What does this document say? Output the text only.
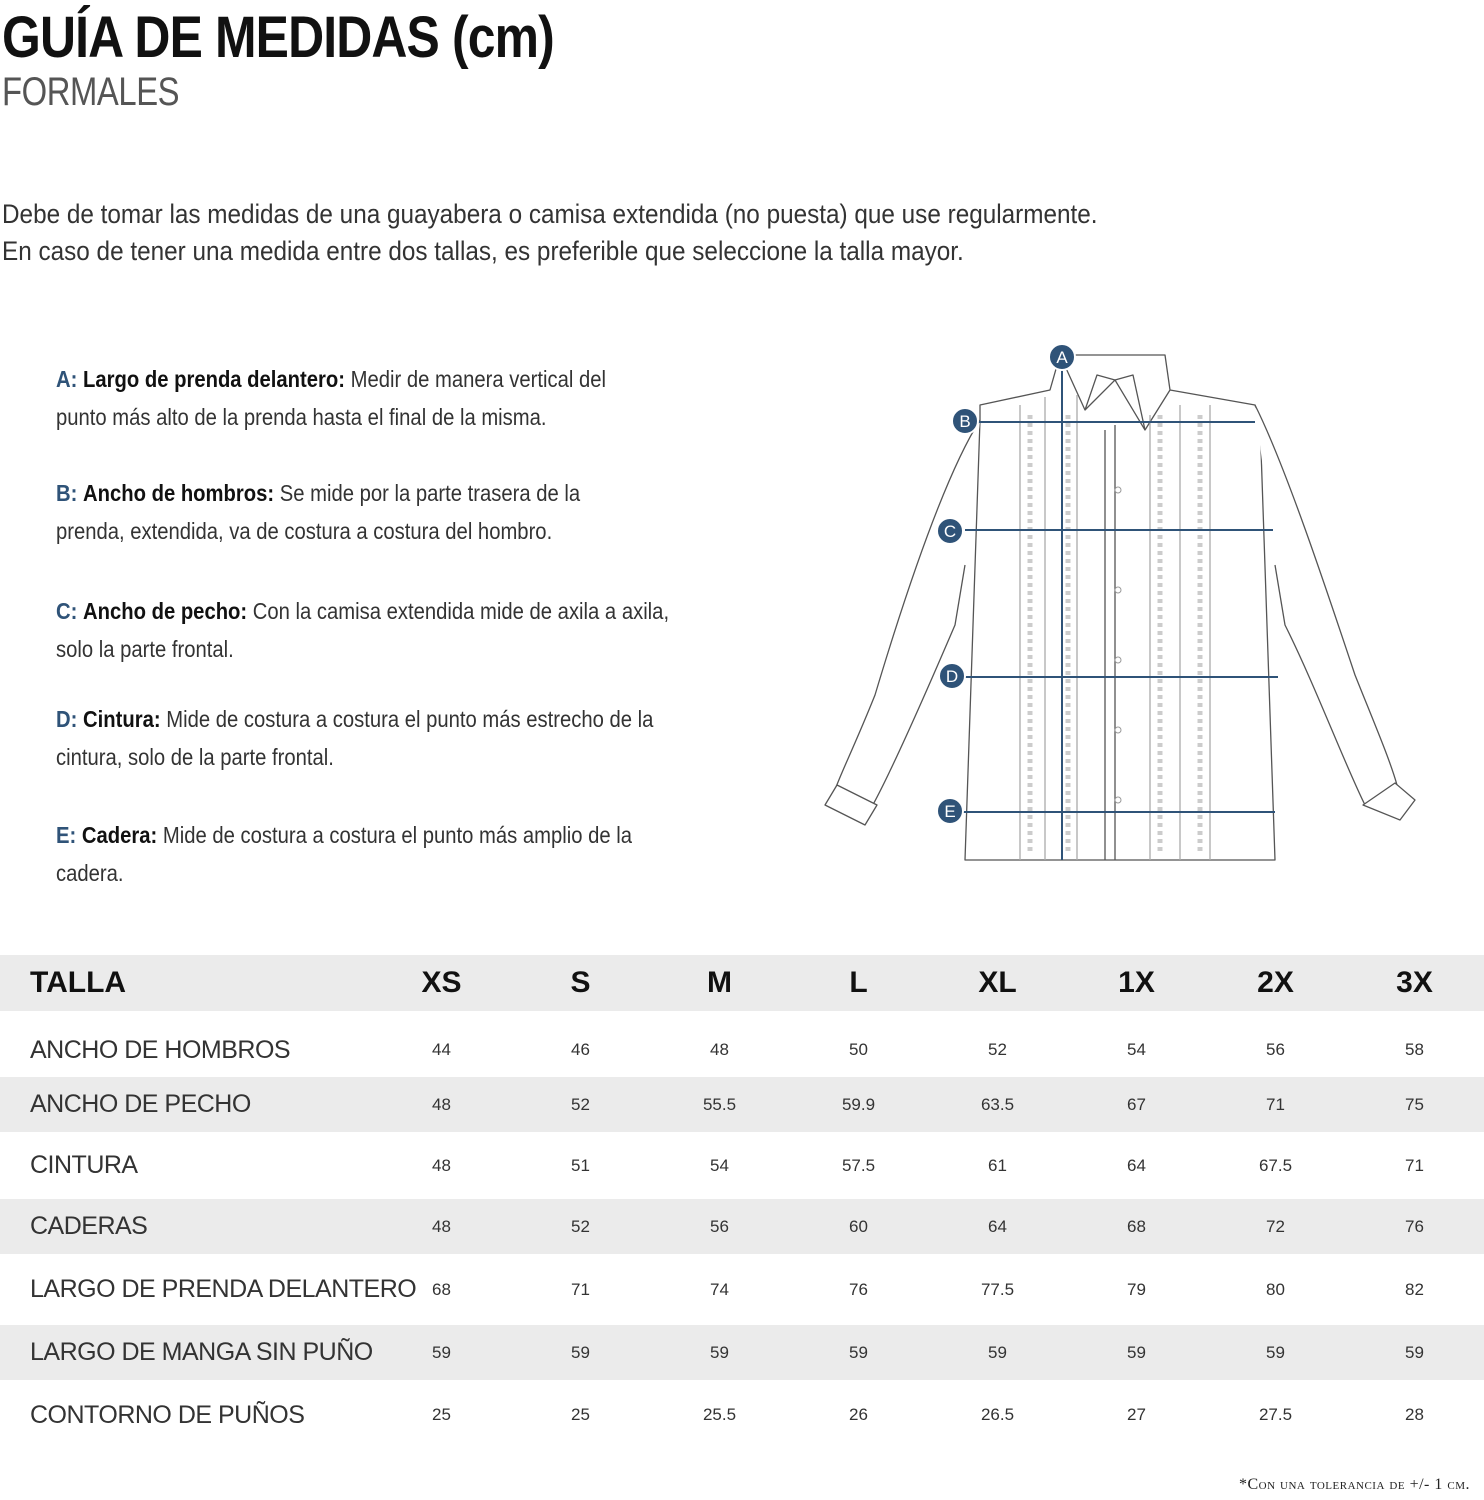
GUÍA DE MEDIDAS (cm)
FORMALES

Debe de tomar las medidas de una guayabera o camisa extendida (no puesta) que use regularmente.

En caso de tener una medida entre dos tallas, es preferible que seleccione la talla mayor.

A: Largo de prenda delantero: Medir de manera vertical del
punto más alto de la prenda hasta el final de la misma.
B: Ancho de hombros: Se mide por la parte trasera de la
prenda, extendida, va de costura a costura del hombro.
C: Ancho de pecho: Con la camisa extendida mide de axila a axila,
solo la parte frontal.
D: Cintura: Mide de costura a costura el punto más estrecho de la
cintura, solo de la parte frontal.
E: Cadera: Mide de costura a costura el punto más amplio de la cadera.
A
B
C
D
E
TALLA	XS	S	M	L	XL	1X	2X	3X
ANCHO DE HOMBROS	44	46	48	50	52	54	56	58
ANCHO DE PECHO	48	52	55.5	59.9	63.5	67	71	75
CINTURA	48	51	54	57.5	61	64	67.5	71
CADERAS	48	52	56	60	64	68	72	76
LARGO DE PRENDA DELANTERO	68	71	74	76	77.5	79	80	82
LARGO DE MANGA SIN PUÑO	59	59	59	59	59	59	59	59
CONTORNO DE PUÑOS	25	25	25.5	26	26.5	27	27.5	28
*Con una tolerancia de +/- 1 cm.
